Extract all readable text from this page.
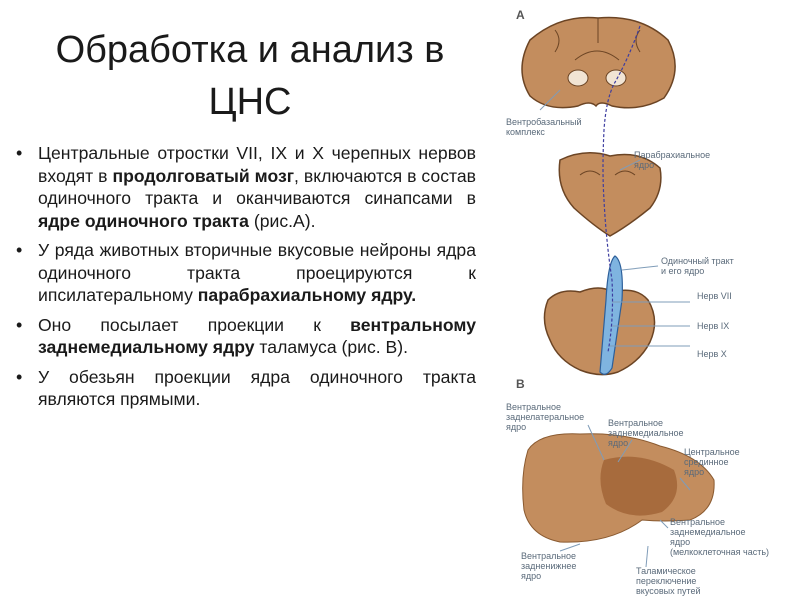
Обработка и анализ в
ЦНС
• Центральные отростки VII, IX и X черепных нервов входят в продолговатый мозг, включаются в состав одиночного тракта и оканчиваются синапсами в ядре одиночного тракта (рис.А).
• У ряда животных вторичные вкусовые нейроны ядра одиночного тракта проецируются к ипсилатеральному парабрахиальному ядру.
• Оно посылает проекции к вентральному заднемедиальному ядру таламуса (рис. В).
• У обезьян проекции ядра одиночного тракта являются прямыми.
А
Вентробазальный
комплекс
Парабрахиальное
ядро
Одиночный тракт
и его ядро
Нерв VII
Нерв IX
Нерв X
В
Вентральное
заднелатеральное
ядро	Вентральное
заднемедиальное
ядро
Центральное
срединное
ядро
Вентральное
заднемедиальное
ядро
(мелкоклеточная часть)
Вентральное
задненижнее
ядро	Таламическое
переключение
вкусовых путей
